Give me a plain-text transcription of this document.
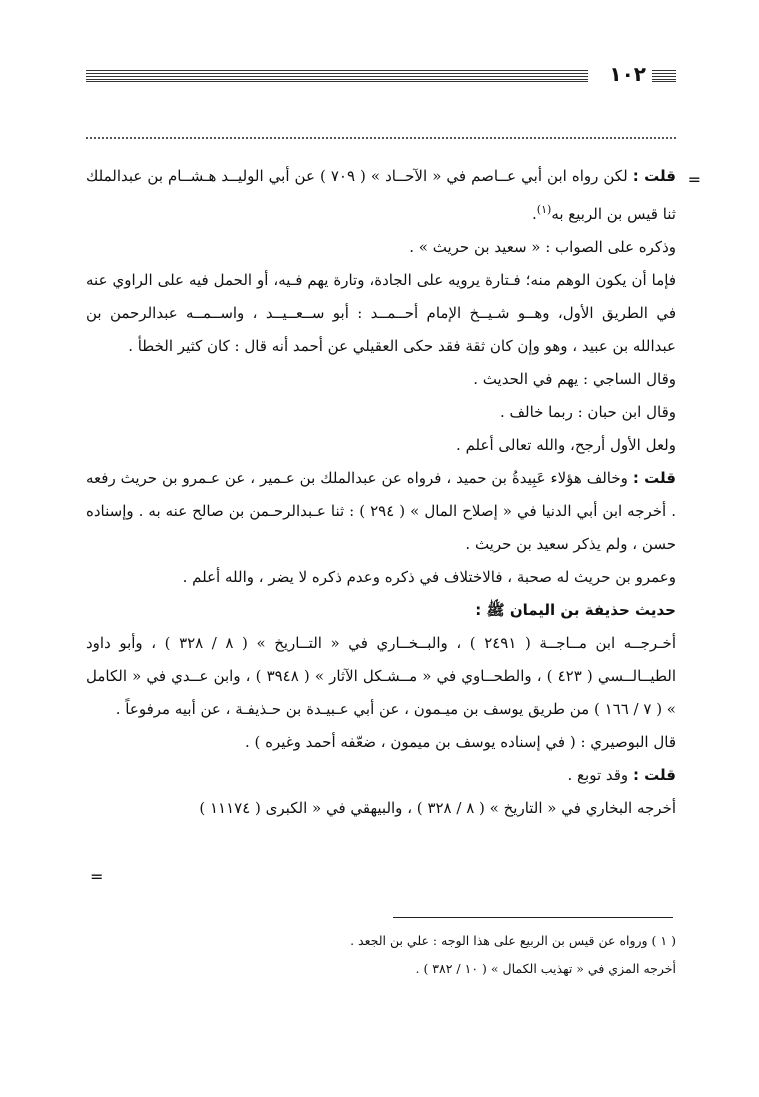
١٠٢
=

قلت : لكن رواه ابن أبي عــاصم في « الآحــاد » ( ٧٠٩ ) عن أبي الوليــد هـشــام بن عبدالملك ثنا قيس بن الربيع به$^{(١)}$.

وذكره على الصواب : « سعيد بن حريث » .

فإما أن يكون الوهم منه؛ فـتارة يرويه على الجادة، وتارة يهم فـيه، أو الحمل فيه على الراوي عنه في الطريق الأول، وهــو شـيــخ الإمام أحــمــد : أبو ســعــيــد ، واســمــه عبدالرحمن بن عبدالله بن عبيد ، وهو وإن كان ثقة فقد حكى العقيلي عن أحمد أنه قال : كان كثير الخطأ .

وقال الساجي : يهم في الحديث .

وقال ابن حبان : ربما خالف .

ولعل الأول أرجح، والله تعالى أعلم .

قلت : وخالف هؤلاء عَبِيدةُ بن حميد ، فرواه عن عبدالملك بن عـمير ، عن عـمرو بن حريث رفعه . أخرجه ابن أبي الدنيا في « إصلاح المال » ( ٢٩٤ ) : ثنا عـبدالرحـمن بن صالح عنه به . وإسناده حسن ، ولم يذكر سعيد بن حريث .

وعمرو بن حريث له صحبة ، فالاختلاف في ذكره وعدم ذكره لا يضر ، والله أعلم .

حديث حذيفة بن اليمان ﷺ :

أخـرجــه ابن مــاجــة ( ٢٤٩١ ) ، والبــخــاري في « التــاريخ » ( ٨ / ٣٢٨ ) ، وأبو داود الطيــالــسي ( ٤٢٣ ) ، والطحــاوي في « مــشـكل الآثار » ( ٣٩٤٨ ) ، وابن عــدي في « الكامل » ( ٧ / ١٦٦ ) من طريق يوسف بن ميـمون ، عن أبي عـبيـدة بن حـذيفـة ، عن أبيه مرفوعاً .

قال البوصيري : ( في إسناده يوسف بن ميمون ، ضعّفه أحمد وغيره ) .

قلت : وقد توبع .

أخرجه البخاري في « التاريخ » ( ٨ / ٣٢٨ ) ، والبيهقي في « الكبرى ( ١١١٧٤ )

=

( ١ ) ورواه عن قيس بن الربيع على هذا الوجه : علي بن الجعد .

أخرجه المزي في « تهذيب الكمال » ( ١٠ / ٣٨٢ ) .
